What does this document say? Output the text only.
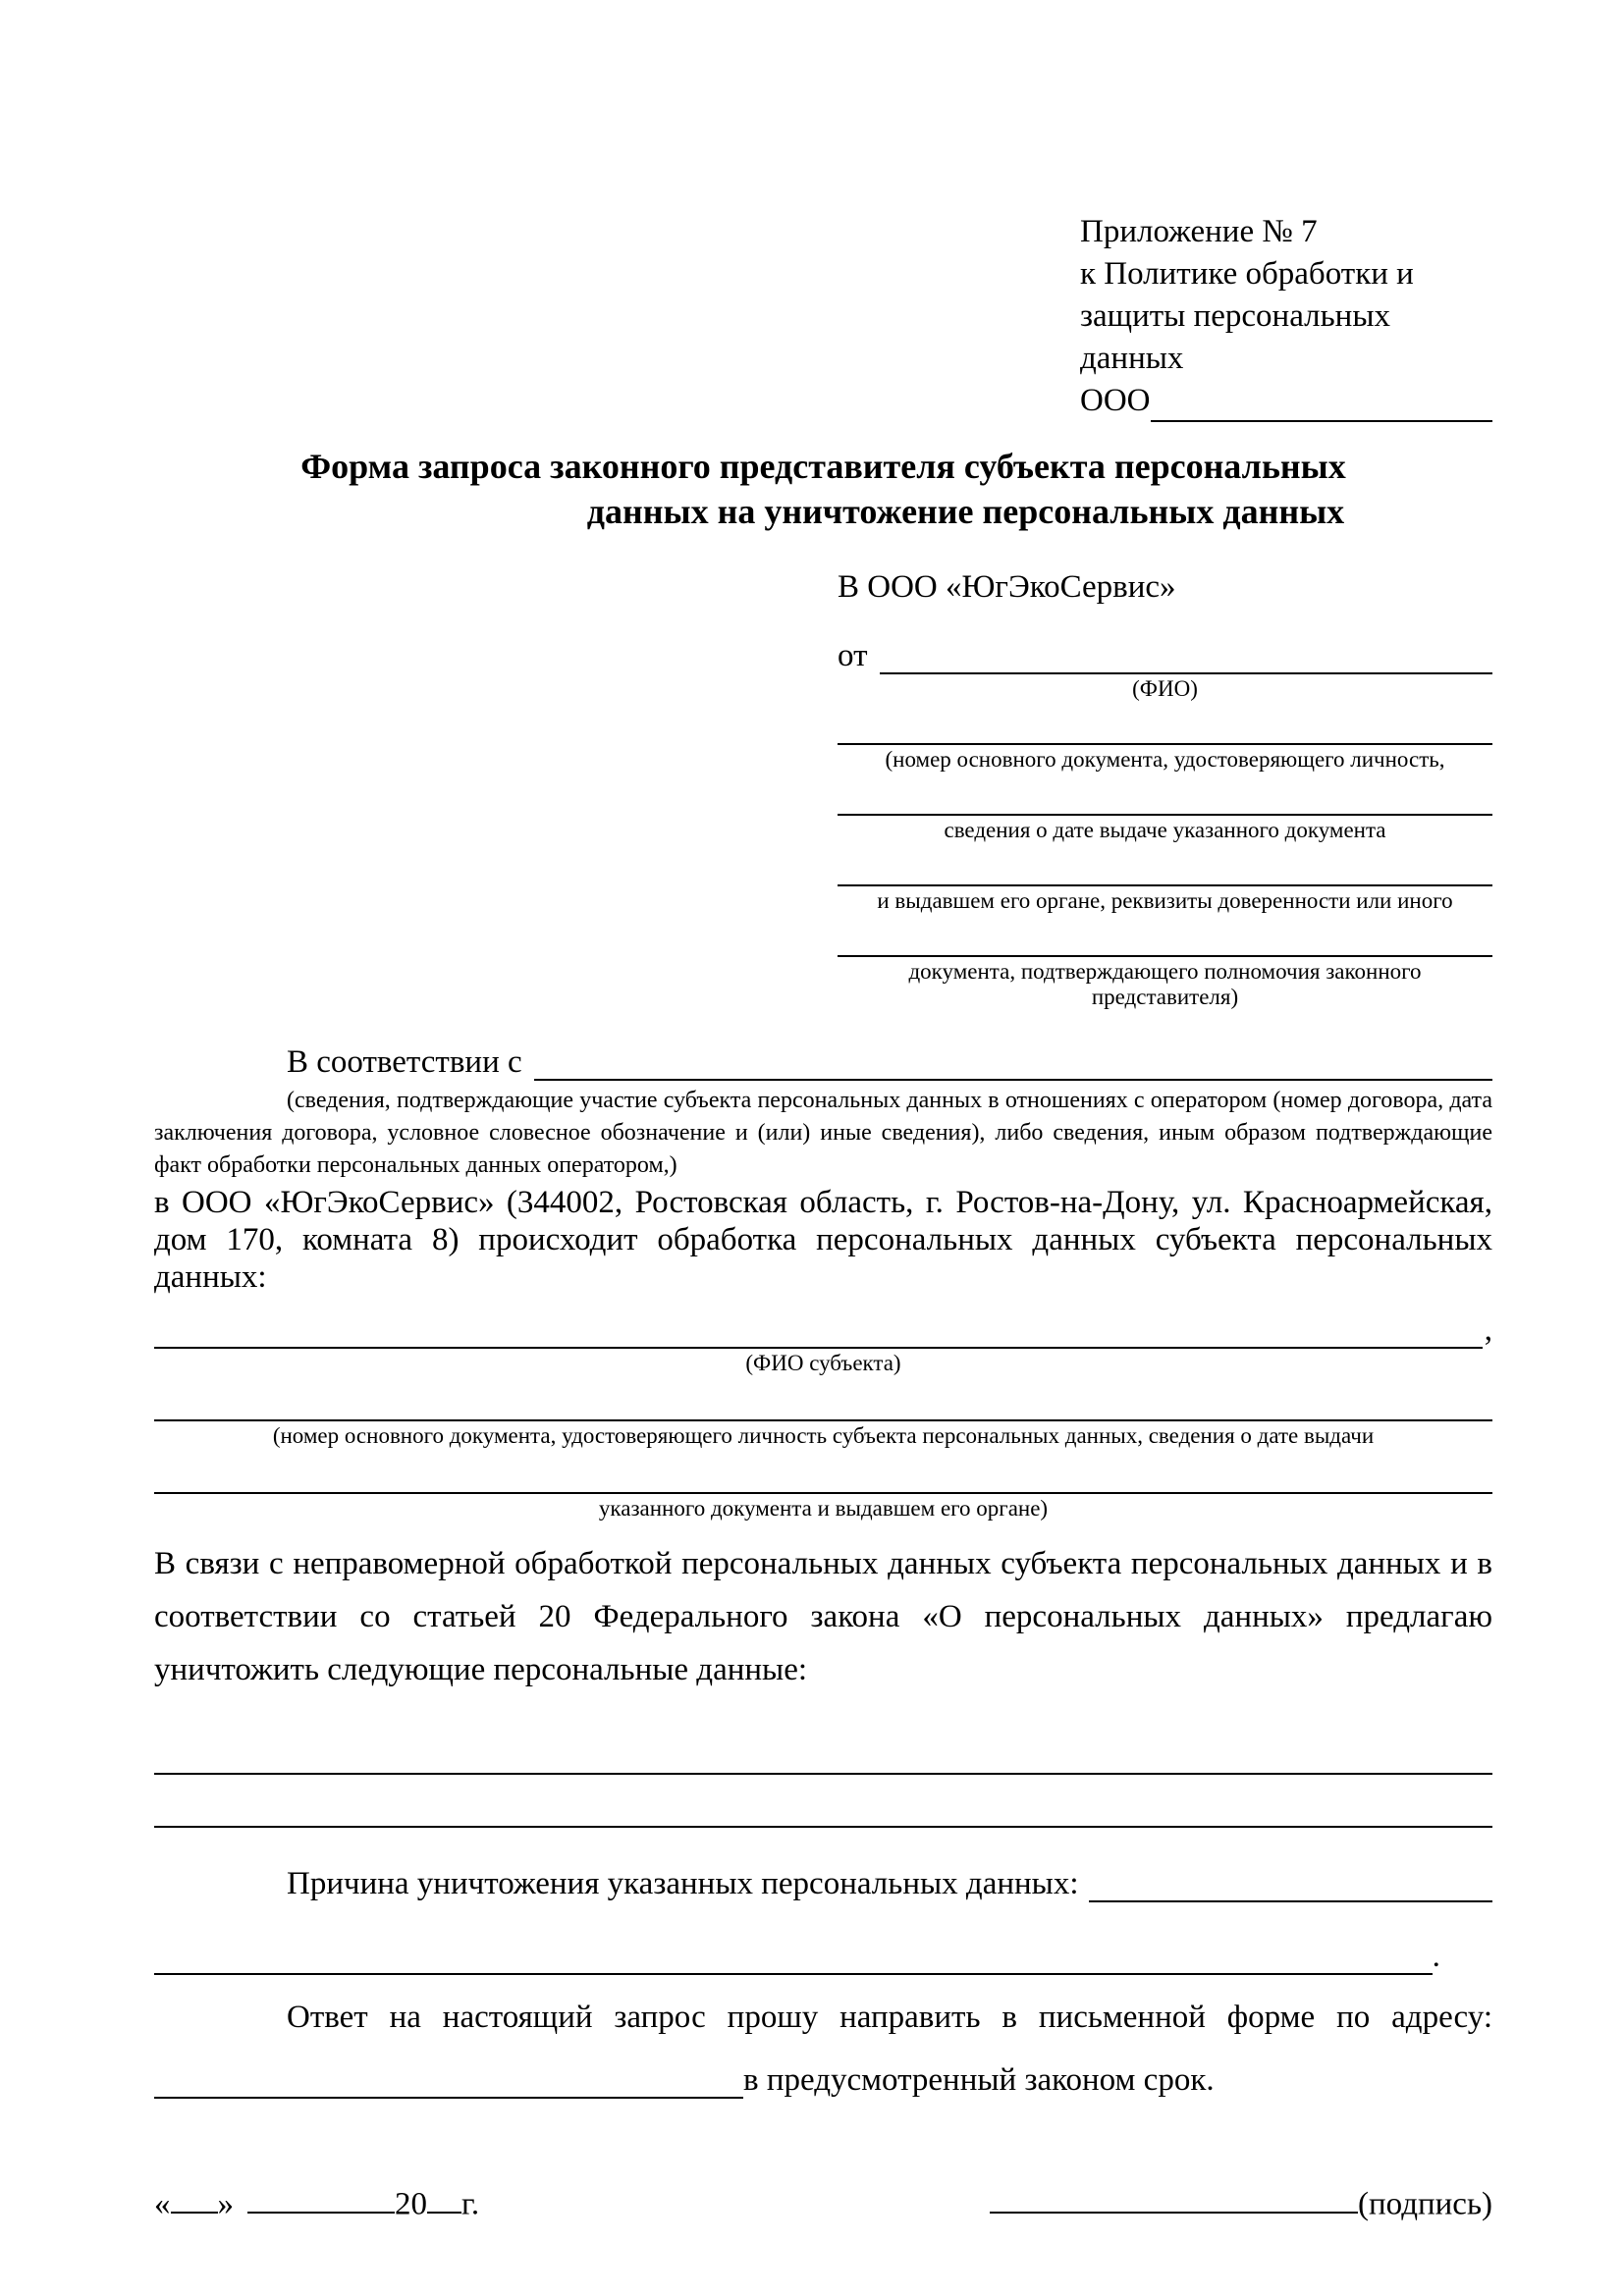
Приложение № 7
к Политике обработки и
защиты персональных данных
ООО
Форма запроса законного представителя субъекта персональных
данных на уничтожение персональных данных
В ООО «ЮгЭкоСервис»
от
(ФИО)
(номер основного документа, удостоверяющего личность,
сведения о дате выдаче указанного документа
и выдавшем его органе, реквизиты доверенности или иного
документа, подтверждающего полномочия законного представителя)
В соответствии с
(сведения, подтверждающие участие субъекта персональных данных в отношениях с оператором (номер договора, дата заключения договора, условное словесное обозначение и (или) иные сведения), либо сведения, иным образом подтверждающие факт обработки персональных данных оператором,)
в ООО «ЮгЭкоСервис» (344002, Ростовская область, г. Ростов-на-Дону, ул. Красноармейская, дом 170, комната 8) происходит обработка персональных данных субъекта персональных данных:
,
(ФИО субъекта)
(номер основного документа, удостоверяющего личность субъекта персональных данных, сведения о дате выдачи
указанного документа и выдавшем его органе)
В связи с неправомерной обработкой персональных данных субъекта персональных данных и в соответствии со статьей 20 Федерального закона «О персональных данных» предлагаю уничтожить следующие персональные данные:
Причина уничтожения указанных персональных данных:
.
Ответ на настоящий запрос прошу направить в письменной форме по адресу:
в предусмотренный законом срок.
« »	20 г.	(подпись)
